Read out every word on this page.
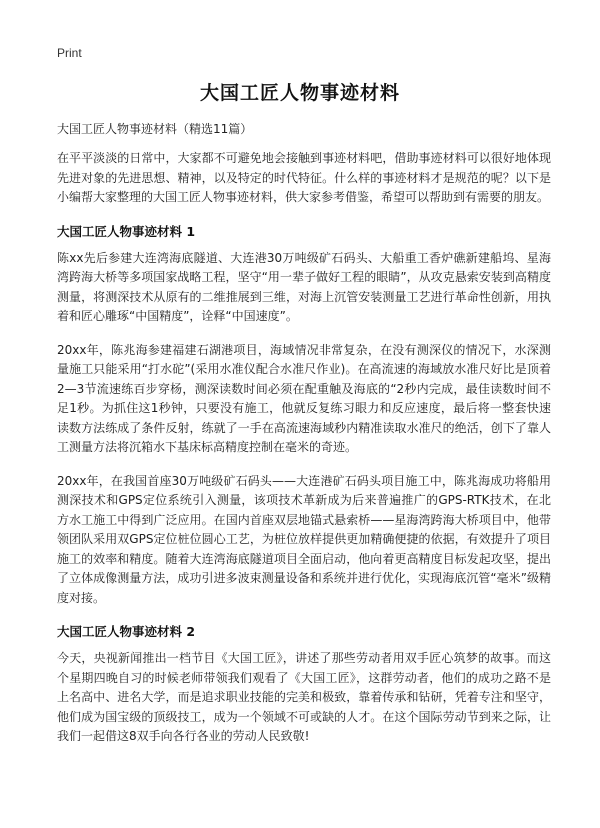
Print
大国工匠人物事迹材料
大国工匠人物事迹材料（精选11篇）

在平平淡淡的日常中，大家都不可避免地会接触到事迹材料吧，借助事迹材料可以很好地体现先进对象的先进思想、精神，以及特定的时代特征。什么样的事迹材料才是规范的呢？以下是小编帮大家整理的大国工匠人物事迹材料，供大家参考借鉴，希望可以帮助到有需要的朋友。

大国工匠人物事迹材料 1

陈xx先后参建大连湾海底隧道、大连港30万吨级矿石码头、大船重工香炉礁新建船坞、星海湾跨海大桥等多项国家战略工程，坚守“用一辈子做好工程的眼睛”，从攻克悬索安装到高精度测量，将测深技术从原有的二维推展到三维，对海上沉管安装测量工艺进行革命性创新，用执着和匠心雕琢“中国精度”，诠释“中国速度”。

20xx年，陈兆海参建福建石湖港项目，海域情况非常复杂，在没有测深仪的情况下，水深测量施工只能采用“打水砣”(采用水准仪配合水准尺作业)。在高流速的海域放水准尺好比是顶着2—3节流速练百步穿杨，测深读数时间必须在配重触及海底的“2秒内完成，最佳读数时间不足1秒。为抓住这1秒钟，只要没有施工，他就反复练习眼力和反应速度，最后将一整套快速读数方法练成了条件反射，练就了一手在高流速海域秒内精准读取水准尺的绝活，创下了靠人工测量方法将沉箱水下基床标高精度控制在毫米的奇迹。

20xx年，在我国首座30万吨级矿石码头——大连港矿石码头项目施工中，陈兆海成功将船用测深技术和GPS定位系统引入测量，该项技术革新成为后来普遍推广的GPS-RTK技术，在北方水工施工中得到广泛应用。在国内首座双层地锚式悬索桥——星海湾跨海大桥项目中，他带领团队采用双GPS定位桩位圆心工艺，为桩位放样提供更加精确便捷的依据，有效提升了项目施工的效率和精度。随着大连湾海底隧道项目全面启动，他向着更高精度目标发起攻坚，提出了立体成像测量方法，成功引进多波束测量设备和系统并进行优化，实现海底沉管“毫米”级精度对接。

大国工匠人物事迹材料 2

今天，央视新闻推出一档节目《大国工匠》，讲述了那些劳动者用双手匠心筑梦的故事。而这个星期四晚自习的时候老师带领我们观看了《大国工匠》，这群劳动者，他们的成功之路不是上名高中、进名大学，而是追求职业技能的完美和极致，靠着传承和钻研，凭着专注和坚守，他们成为国宝级的顶级技工，成为一个领域不可或缺的人才。在这个国际劳动节到来之际，让我们一起借这8双手向各行各业的劳动人民致敬!
